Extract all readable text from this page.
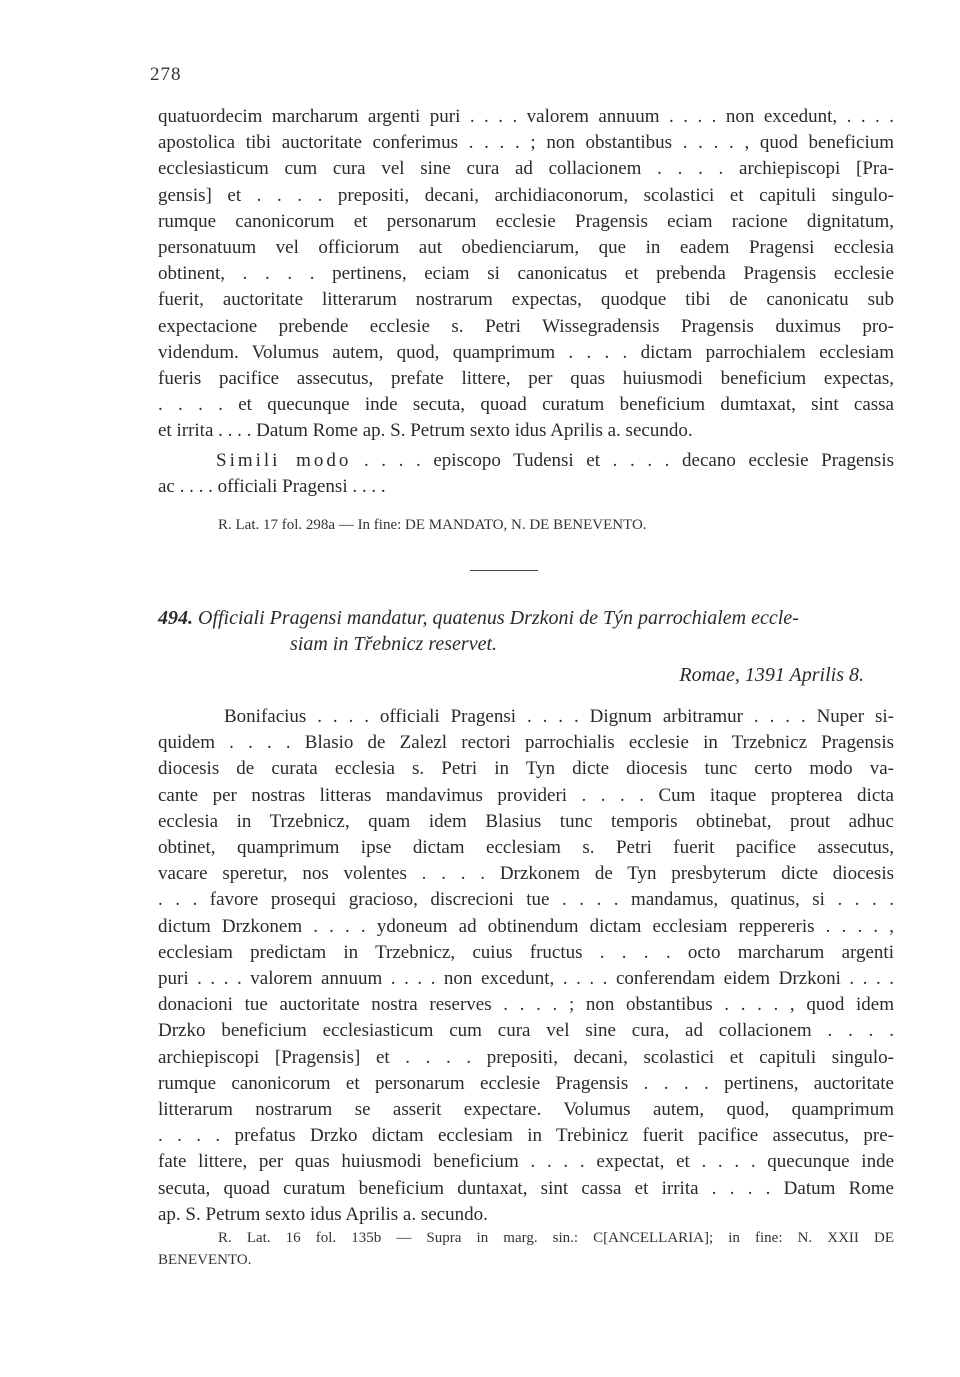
278
quatuordecim marcharum argenti puri . . . . valorem annuum . . . . non excedunt, . . . .
apostolica tibi auctoritate conferimus . . . . ; non obstantibus . . . . , quod beneficium
ecclesiasticum cum cura vel sine cura ad collacionem . . . . archiepiscopi [Pra-
gensis] et . . . . prepositi, decani, archidiaconorum, scolastici et capituli singulo-
rumque canonicorum et personarum ecclesie Pragensis eciam racione dignitatum,
personatuum vel officiorum aut obedienciarum, que in eadem Pragensi ecclesia
obtinent, . . . . pertinens, eciam si canonicatus et prebenda Pragensis ecclesie
fuerit, auctoritate litterarum nostrarum expectas, quodque tibi de canonicatu sub
expectacione prebende ecclesie s. Petri Wissegradensis Pragensis duximus pro-
videndum. Volumus autem, quod, quamprimum . . . . dictam parrochialem ecclesiam
fueris pacifice assecutus, prefate littere, per quas huiusmodi beneficium expectas,
. . . . et quecunque inde secuta, quoad curatum beneficium dumtaxat, sint cassa
et irrita . . . . Datum Rome ap. S. Petrum sexto idus Aprilis a. secundo.
Simili modo . . . . episcopo Tudensi et . . . . decano ecclesie Pragensis
ac . . . . officiali Pragensi . . . .
R. Lat. 17 fol. 298a — In fine: DE MANDATO, N. DE BENEVENTO.
494. Officiali Pragensi mandatur, quatenus Drzkoni de Týn parrochialem eccle-
siam in Třebnicz reservet.
Romae, 1391 Aprilis 8.
Bonifacius . . . . officiali Pragensi . . . . Dignum arbitramur . . . . Nuper si-
quidem . . . . Blasio de Zalezl rectori parrochialis ecclesie in Trzebnicz Pragensis
diocesis de curata ecclesia s. Petri in Tyn dicte diocesis tunc certo modo va-
cante per nostras litteras mandavimus provideri . . . . Cum itaque propterea dicta
ecclesia in Trzebnicz, quam idem Blasius tunc temporis obtinebat, prout adhuc
obtinet, quamprimum ipse dictam ecclesiam s. Petri fuerit pacifice assecutus,
vacare speretur, nos volentes . . . . Drzkonem de Tyn presbyterum dicte diocesis
. . . favore prosequi gracioso, discrecioni tue . . . . mandamus, quatinus, si . . . .
dictum Drzkonem . . . . ydoneum ad obtinendum dictam ecclesiam reppereris . . . . ,
ecclesiam predictam in Trzebnicz, cuius fructus . . . . octo marcharum argenti
puri . . . . valorem annuum . . . . non excedunt, . . . . conferendam eidem Drzkoni . . . .
donacioni tue auctoritate nostra reserves . . . . ; non obstantibus . . . . , quod idem
Drzko beneficium ecclesiasticum cum cura vel sine cura, ad collacionem . . . .
archiepiscopi [Pragensis] et . . . . prepositi, decani, scolastici et capituli singulo-
rumque canonicorum et personarum ecclesie Pragensis . . . . pertinens, auctoritate
litterarum nostrarum se asserit expectare. Volumus autem, quod, quamprimum
. . . . prefatus Drzko dictam ecclesiam in Trebinicz fuerit pacifice assecutus, pre-
fate littere, per quas huiusmodi beneficium . . . . expectat, et . . . . quecunque inde
secuta, quoad curatum beneficium duntaxat, sint cassa et irrita . . . . Datum Rome
ap. S. Petrum sexto idus Aprilis a. secundo.
R. Lat. 16 fol. 135b — Supra in marg. sin.: C[ANCELLARIA]; in fine: N. XXII DE
BENEVENTO.
